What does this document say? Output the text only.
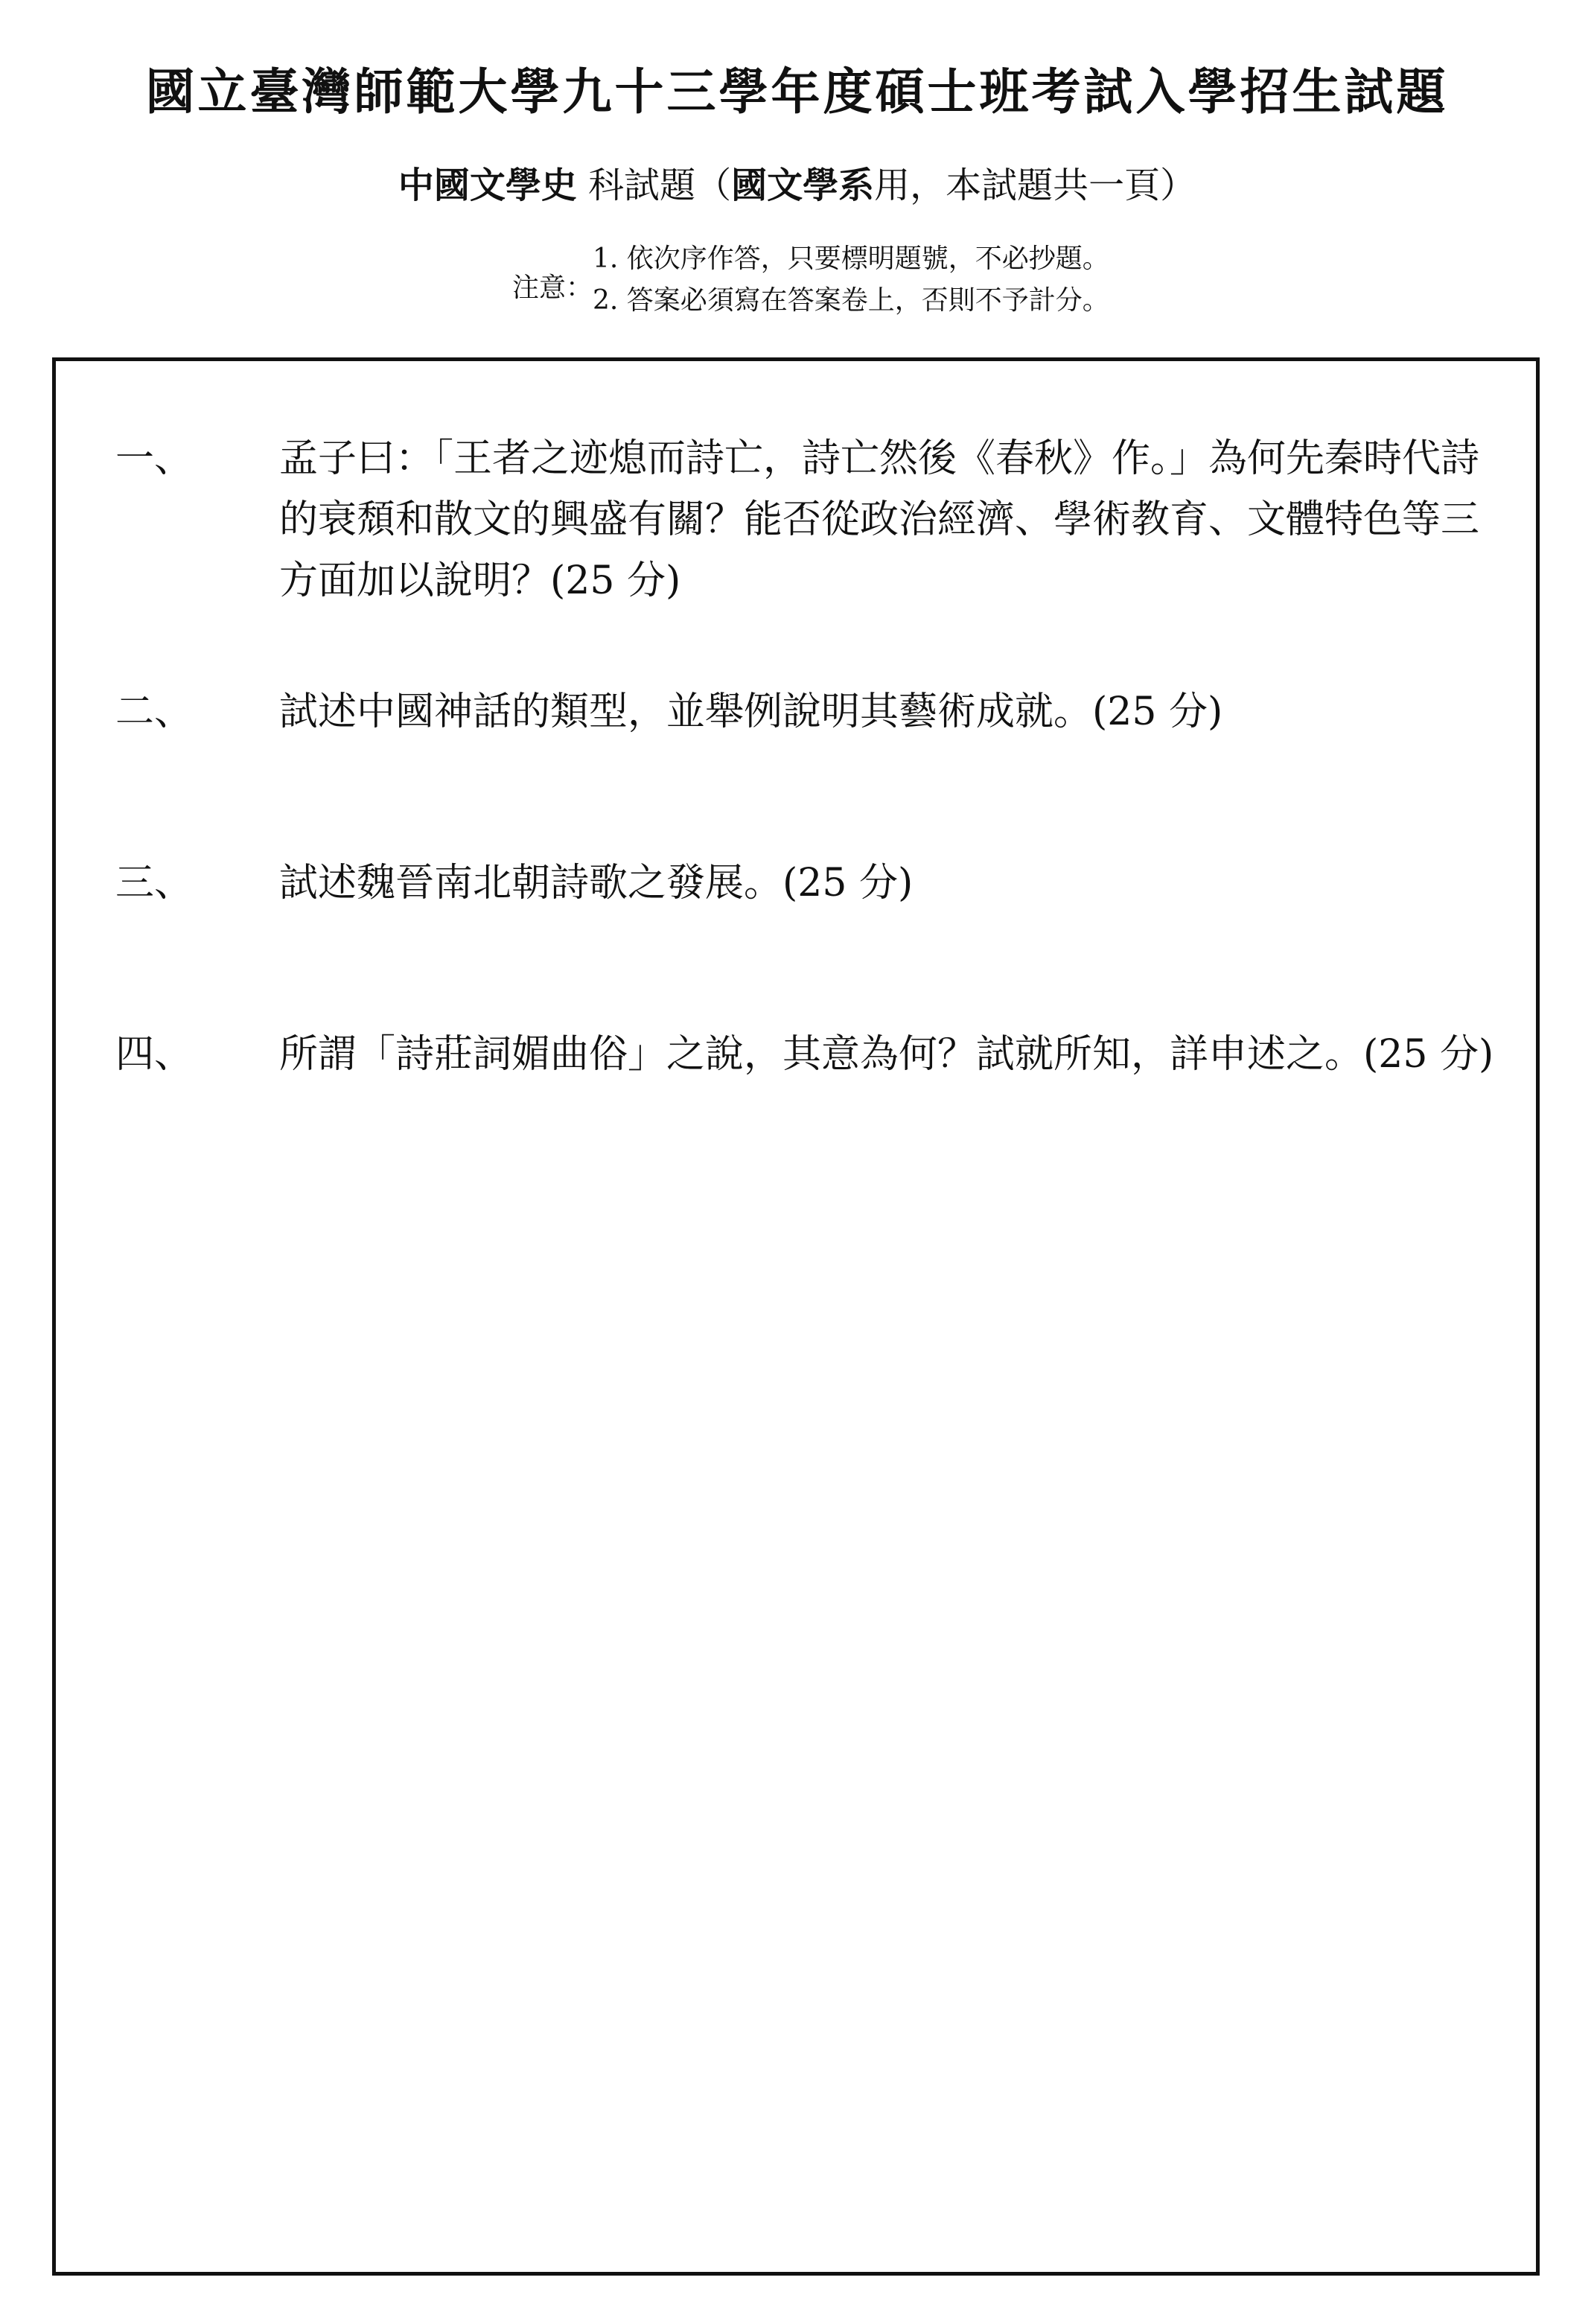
國立臺灣師範大學九十三學年度碩士班考試入學招生試題
中國文學史 科試題（國文學系用，本試題共一頁）
注意：
1. 依次序作答，只要標明題號，不必抄題。
2. 答案必須寫在答案卷上，否則不予計分。
一、	孟子曰：「王者之迹熄而詩亡，詩亡然後《春秋》作。」為何先秦時代詩的衰頹和散文的興盛有關？能否從政治經濟、學術教育、文體特色等三方面加以說明？(25 分)
二、	試述中國神話的類型，並舉例說明其藝術成就。(25 分)
三、	試述魏晉南北朝詩歌之發展。(25 分)
四、	所謂「詩莊詞媚曲俗」之說，其意為何？試就所知，詳申述之。(25 分)
